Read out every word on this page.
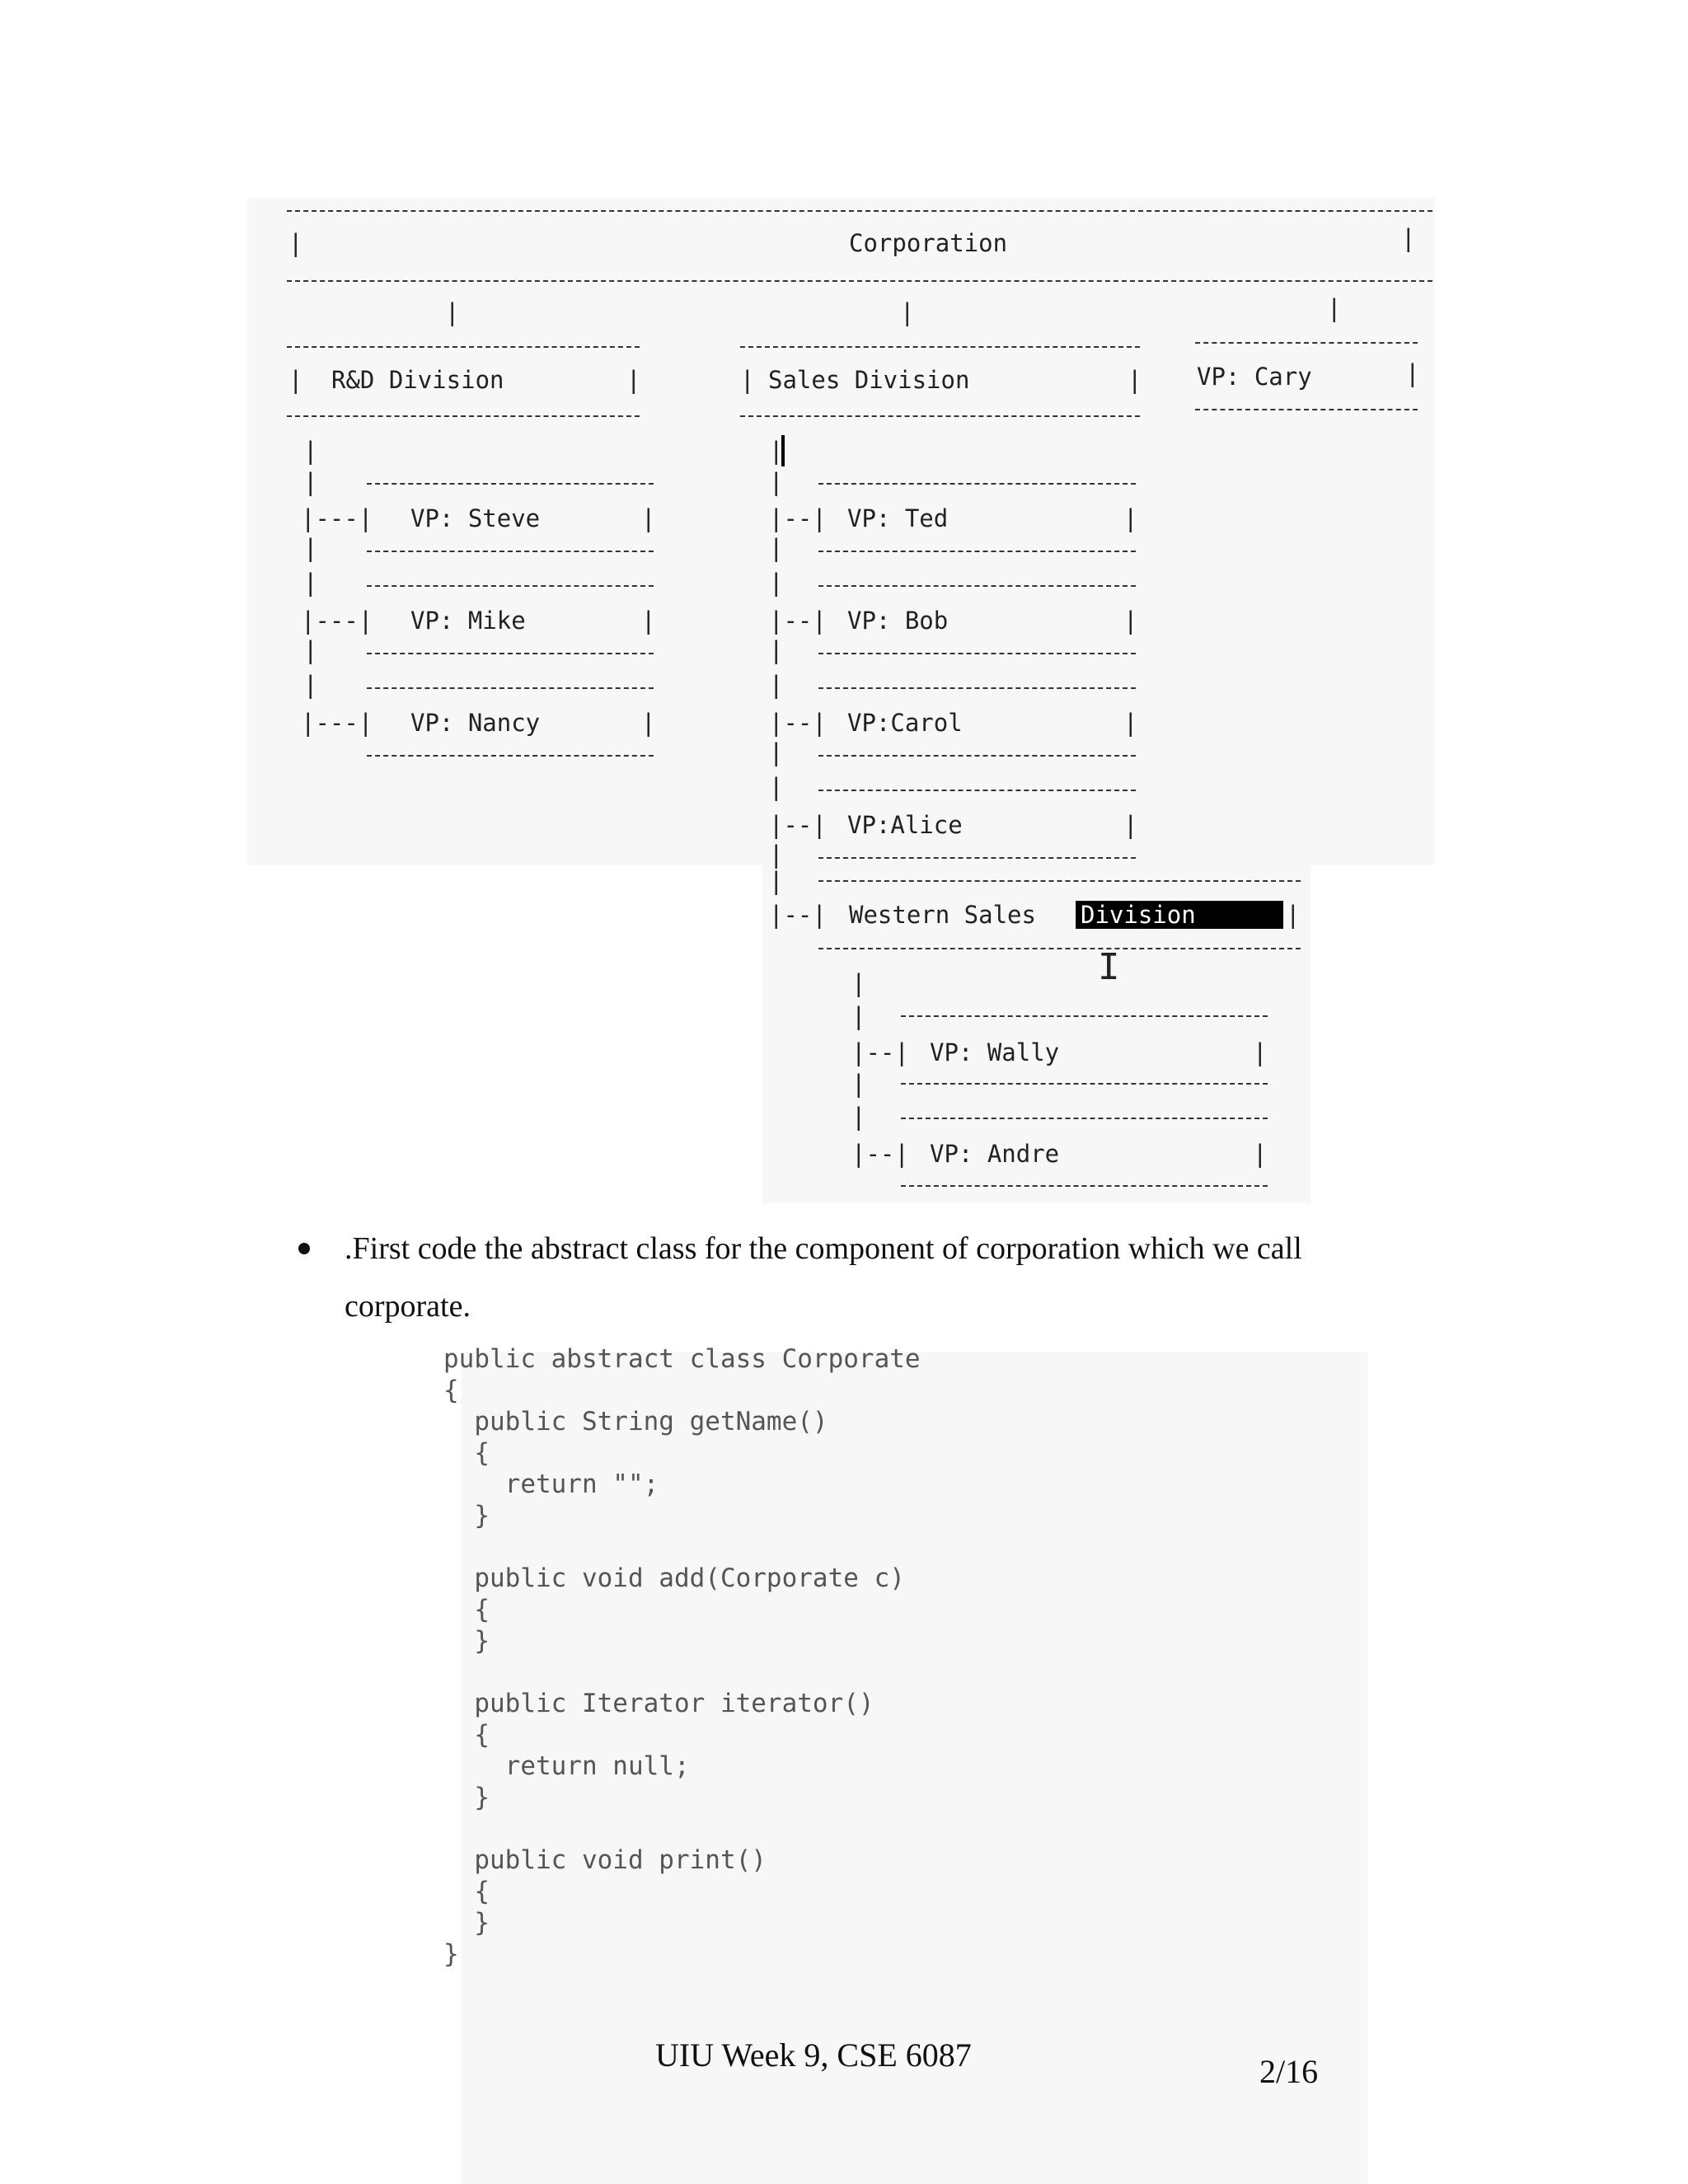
|	|
Corporation
|	|	|
| R&D Division	|	| Sales Division	| VP: Cary	|
|
|
|---| VP: Steve	|
|
|
|---| VP: Mike	|
|
|
|---| VP: Nancy	|
|
|
|--| VP: Ted	|
|
|
|--| VP: Bob	|
|
|
|--| VP:Carol	|
|
|
|--| VP:Alice	|
|
|
|--| Western Sales Division	|
I
|
|
|--| VP: Wally	|
|
|
|--| VP: Andre	|
.First code the abstract class for the component of corporation which we call corporate.
public abstract class Corporate
{
public String getName()
{
return "";
}

public void add(Corporate c)
{
}

public Iterator iterator()
{
return null;
}

public void print()
{
}
}
UIU Week 9, CSE 6087	2/16
